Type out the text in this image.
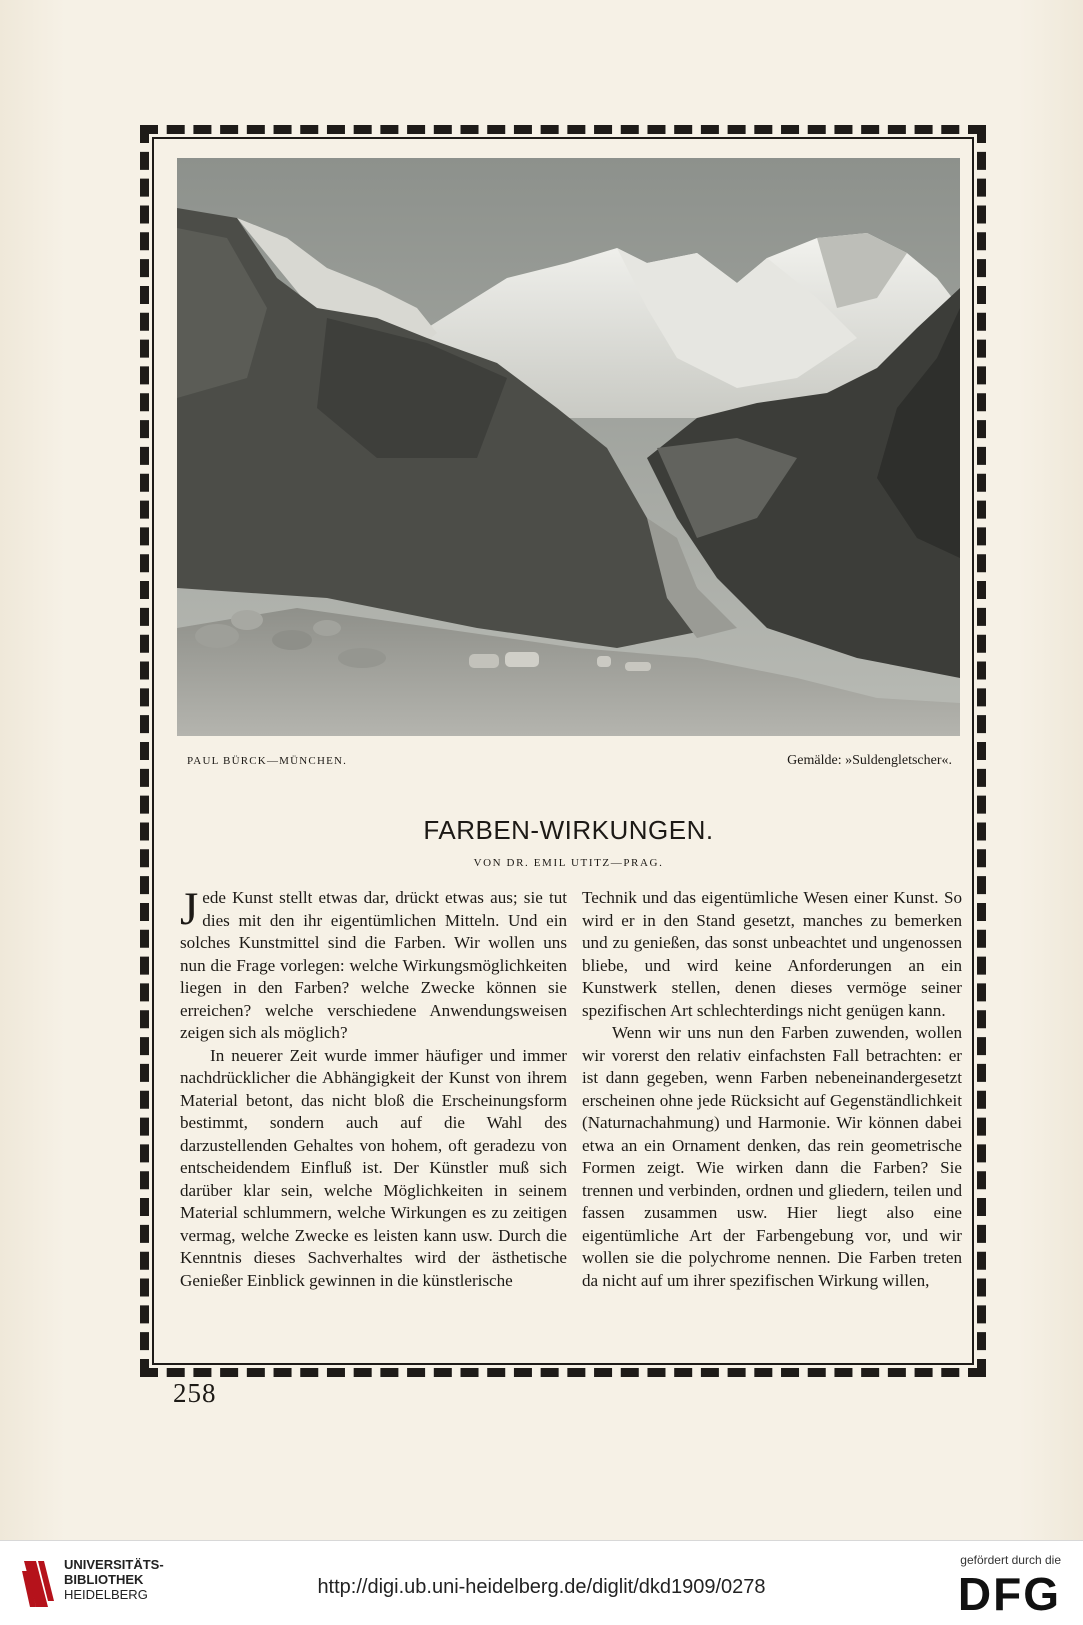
PAUL BÜRCK—MÜNCHEN.	Gemälde: »Suldengletscher«.
FARBEN-WIRKUNGEN.
VON DR. EMIL UTITZ—PRAG.

Jede Kunst stellt etwas dar, drückt etwas aus; sie tut dies mit den ihr eigentümlichen Mitteln. Und ein solches Kunstmittel sind die Farben. Wir wollen uns nun die Frage vorlegen: welche Wirkungsmöglichkeiten liegen in den Farben? welche Zwecke können sie erreichen? welche verschiedene Anwendungsweisen zeigen sich als möglich?

In neuerer Zeit wurde immer häufiger und immer nachdrücklicher die Abhängigkeit der Kunst von ihrem Material betont, das nicht bloß die Erscheinungsform bestimmt, sondern auch auf die Wahl des darzustellenden Gehaltes von hohem, oft geradezu von entscheidendem Einfluß ist. Der Künstler muß sich darüber klar sein, welche Möglichkeiten in seinem Material schlummern, welche Wirkungen es zu zeitigen vermag, welche Zwecke es leisten kann usw. Durch die Kenntnis dieses Sachverhaltes wird der ästhetische Genießer Einblick gewinnen in die künstlerische

Technik und das eigentümliche Wesen einer Kunst. So wird er in den Stand gesetzt, manches zu bemerken und zu genießen, das sonst unbeachtet und ungenossen bliebe, und wird keine Anforderungen an ein Kunstwerk stellen, denen dieses vermöge seiner spezifischen Art schlechterdings nicht genügen kann.

Wenn wir uns nun den Farben zuwenden, wollen wir vorerst den relativ einfachsten Fall betrachten: er ist dann gegeben, wenn Farben nebeneinandergesetzt erscheinen ohne jede Rücksicht auf Gegenständlichkeit (Naturnachahmung) und Harmonie. Wir können dabei etwa an ein Ornament denken, das rein geometrische Formen zeigt. Wie wirken dann die Farben? Sie trennen und verbinden, ordnen und gliedern, teilen und fassen zusammen usw. Hier liegt also eine eigentümliche Art der Farbengebung vor, und wir wollen sie die polychrome nennen. Die Farben treten da nicht auf um ihrer spezifischen Wirkung willen,

258
UNIVERSITÄTS-
BIBLIOTHEK
HEIDELBERG	http://digi.ub.uni-heidelberg.de/diglit/dkd1909/0278
gefördert durch die
DFG
